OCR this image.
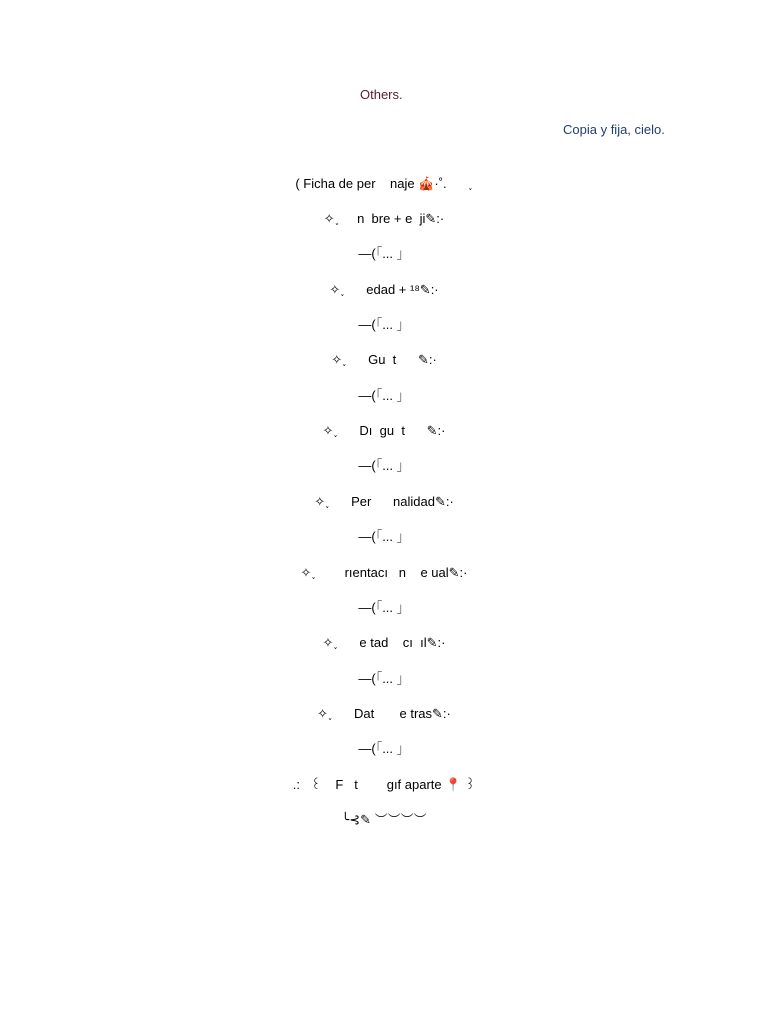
Others.
Copia y fija, cielo.
( Ficha de per    naje 🎪·˚.      ˯
✧˯     n  bre + e  ji✎:·
—(「... 」
✧˯      edad + ¹⁸✎:·
—(「... 」
✧˯      Gu  t      ✎:·
—(「... 」
✧˯      Dı  gu  t      ✎:·
—(「... 」
✧˯      Per      nalidad✎:·
—(「... 」
✧˯        rıentacı   n    e ual✎:·
—(「... 」
✧˯      e tad    cı  ıl✎:·
—(「... 」
✧˯      Dat       e tras✎:·
—(「... 」
.:   ꒰    F   t        gıf aparte 📍 ꒱
╰⊰✎ ︶︶︶︶
